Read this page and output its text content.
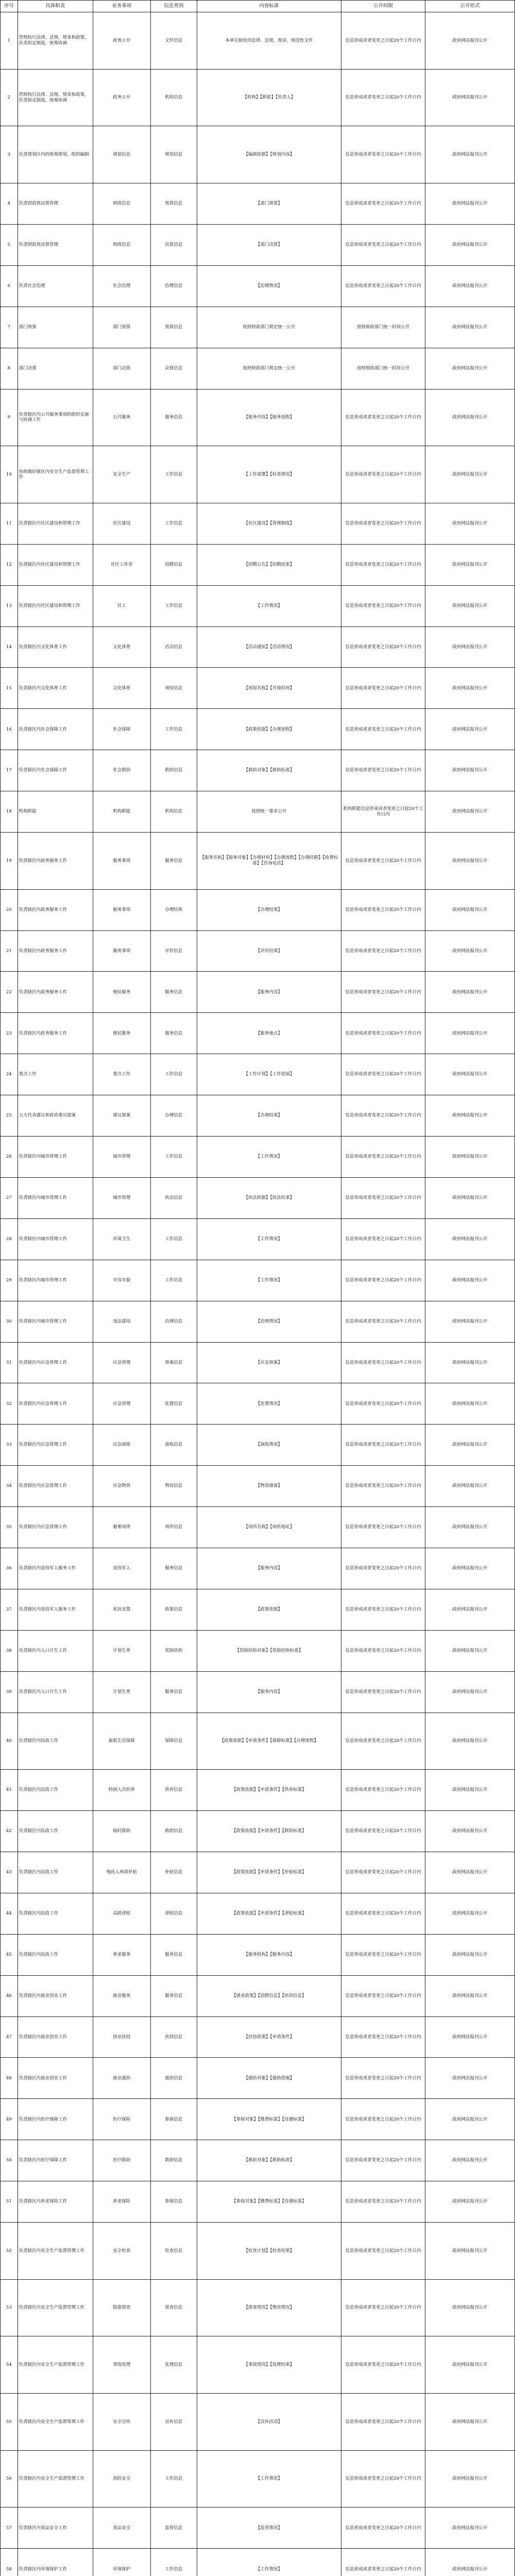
序号	具体职责	业务事项	信息类别	内容标准	公开时限	公开形式
1	贯彻执行法律、法规、规章和政策，负责拟定制度，统筹协调	政务公开	文件信息	本单位制发的法律、法规、规章、规范性文件	信息形成或者变更之日起20个工作日内	政府网站报刊公开
2	贯彻执行法律、法规、规章和政策，负责拟定制度，统筹协调	政务公开	机构信息	【机构】【职能】【负责人】	信息形成或者变更之日起20个工作日内	政府网站报刊公开
3	负责规划区内的统筹规划，组织编制	规划信息	规划信息	【编制依据】【规划内容】	信息形成或者变更之日起20个工作日内	政府网站报刊公开
4	负责财政预决算管理	财政信息	预算信息	【部门预算】	信息形成或者变更之日起20个工作日内	政府网站报刊公开
5	负责财政预决算管理	财政信息	决算信息	【部门决算】	信息形成或者变更之日起20个工作日内	政府网站报刊公开
6	负责社会治理	社会治理	治理信息	【治理情况】	信息形成或者变更之日起20个工作日内	政府网站报刊公开
7	部门预算	部门预算	预算信息	按照财政部门规定统一公开	按照财政部门统一时间公开	政府网站报刊公开
8	部门决算	部门决算	决算信息	按照财政部门规定统一公开	按照财政部门统一时间公开	政府网站报刊公开
9	负责辖区内公共服务事项的组织实施与协调工作	公共服务	服务信息	【服务内容】【服务流程】	信息形成或者变更之日起20个工作日内	政府网站报刊公开
10	协助做好辖区内安全生产监督管理工作	安全生产	工作信息	【工作部署】【检查情况】	信息形成或者变更之日起20个工作日内	政府网站报刊公开
11	负责辖区内社区建设和管理工作	社区建设	工作信息	【社区建设】【管理制度】	信息形成或者变更之日起20个工作日内	政府网站报刊公开
12	负责辖区内社区建设和管理工作	社区工作者	招聘信息	【招聘公告】【招聘结果】	信息形成或者变更之日起20个工作日内	政府网站报刊公开
13	负责辖区内社区建设和管理工作	社工	工作信息	【工作情况】	信息形成或者变更之日起20个工作日内	政府网站报刊公开
14	负责辖区内文化体育工作	文化体育	活动信息	【活动通知】【活动情况】	信息形成或者变更之日起20个工作日内	政府网站报刊公开
15	负责辖区内文化体育工作	文化体育	场馆信息	【场馆名称】【开放时间】	信息形成或者变更之日起20个工作日内	政府网站报刊公开
16	负责辖区内社会保障工作	社会保障	工作信息	【政策依据】【办理流程】	信息形成或者变更之日起20个工作日内	政府网站报刊公开
17	负责辖区内社会保障工作	社会救助	救助信息	【救助对象】【救助标准】	信息形成或者变更之日起20个工作日内	政府网站报刊公开
18	机构职能	机构职能	机构信息	按照统一要求公开	机构职能信息形成或者变更之日起20个工作日内	政府网站报刊公开
19	负责辖区内政务服务工作	服务事项	服务信息	【服务名称】【服务对象】【办理材料】【办理流程】【办理时限】【收费标准】【咨询电话】	信息形成或者变更之日起20个工作日内	政府网站报刊公开
20	负责辖区内政务服务工作	服务事项	办理结果	【办理结果】	信息形成或者变更之日起20个工作日内	政府网站报刊公开
21	负责辖区内政务服务工作	服务事项	评价信息	【评价结果】	信息形成或者变更之日起20个工作日内	政府网站报刊公开
22	负责辖区内政务服务工作	便民服务	服务信息	【服务内容】	信息形成或者变更之日起20个工作日内	政府网站报刊公开
23	负责辖区内政务服务工作	便民服务	服务信息	【服务地点】	信息形成或者变更之日起20个工作日内	政府网站报刊公开
24	重点工作	重点工作	工作信息	【工作计划】【工作进展】	信息形成或者变更之日起20个工作日内	政府网站报刊公开
25	人大代表建议和政协委员提案	建议提案	办理信息	【办理结果】	信息形成或者变更之日起20个工作日内	政府网站报刊公开
26	负责辖区内城市管理工作	城市管理	工作信息	【工作情况】	信息形成或者变更之日起20个工作日内	政府网站报刊公开
27	负责辖区内城市管理工作	城市管理	执法信息	【执法依据】【执法结果】	信息形成或者变更之日起20个工作日内	政府网站报刊公开
28	负责辖区内城市管理工作	环境卫生	工作信息	【工作情况】	信息形成或者变更之日起20个工作日内	政府网站报刊公开
29	负责辖区内城市管理工作	市容市貌	工作信息	【工作情况】	信息形成或者变更之日起20个工作日内	政府网站报刊公开
30	负责辖区内城市管理工作	违法建设	治理信息	【治理情况】	信息形成或者变更之日起20个工作日内	政府网站报刊公开
31	负责辖区内应急管理工作	应急管理	预案信息	【应急预案】	信息形成或者变更之日起20个工作日内	政府网站报刊公开
32	负责辖区内应急管理工作	应急管理	处置信息	【处置情况】	信息形成或者变更之日起20个工作日内	政府网站报刊公开
33	负责辖区内应急管理工作	应急演练	演练信息	【演练情况】	信息形成或者变更之日起20个工作日内	政府网站报刊公开
34	负责辖区内应急管理工作	应急物资	物资信息	【物资储备】	信息形成或者变更之日起20个工作日内	政府网站报刊公开
35	负责辖区内应急管理工作	避难场所	场所信息	【场所名称】【场所地址】	信息形成或者变更之日起20个工作日内	政府网站报刊公开
36	负责辖区内退役军人服务工作	退役军人	服务信息	【服务内容】	信息形成或者变更之日起20个工作日内	政府网站报刊公开
37	负责辖区内退役军人服务工作	优抚安置	政策信息	【政策依据】	信息形成或者变更之日起20个工作日内	政府网站报刊公开
38	负责辖区内人口计生工作	计划生育	奖励扶助	【奖励扶助对象】【奖励扶助标准】	信息形成或者变更之日起20个工作日内	政府网站报刊公开
39	负责辖区内人口计生工作	计划生育	服务信息	【服务内容】	信息形成或者变更之日起20个工作日内	政府网站报刊公开
40	负责辖区内民政工作	最低生活保障	保障信息	【政策依据】【申请条件】【保障标准】【办理流程】	信息形成或者变更之日起20个工作日内	政府网站报刊公开
41	负责辖区内民政工作	特困人员供养	供养信息	【政策依据】【申请条件】【供养标准】	信息形成或者变更之日起20个工作日内	政府网站报刊公开
42	负责辖区内民政工作	临时救助	救助信息	【政策依据】【申请条件】【救助标准】	信息形成或者变更之日起20个工作日内	政府网站报刊公开
43	负责辖区内民政工作	残疾人两项补贴	补贴信息	【政策依据】【申请条件】【补贴标准】	信息形成或者变更之日起20个工作日内	政府网站报刊公开
44	负责辖区内民政工作	高龄津贴	津贴信息	【政策依据】【申请条件】【津贴标准】	信息形成或者变更之日起20个工作日内	政府网站报刊公开
45	负责辖区内民政工作	养老服务	服务信息	【服务机构】【服务内容】	信息形成或者变更之日起20个工作日内	政府网站报刊公开
46	负责辖区内就业创业工作	就业服务	服务信息	【就业政策】【招聘信息】【培训信息】	信息形成或者变更之日起20个工作日内	政府网站报刊公开
47	负责辖区内就业创业工作	创业扶持	扶持信息	【扶持政策】【申请条件】	信息形成或者变更之日起20个工作日内	政府网站报刊公开
48	负责辖区内就业创业工作	就业援助	援助信息	【援助对象】【援助措施】	信息形成或者变更之日起20个工作日内	政府网站报刊公开
49	负责辖区内医疗保障工作	医疗保险	参保信息	【参保对象】【缴费标准】【待遇标准】	信息形成或者变更之日起20个工作日内	政府网站报刊公开
50	负责辖区内医疗保障工作	医疗救助	救助信息	【救助对象】【救助标准】	信息形成或者变更之日起20个工作日内	政府网站报刊公开
51	负责辖区内养老保险工作	养老保险	参保信息	【参保对象】【缴费标准】【待遇标准】	信息形成或者变更之日起20个工作日内	政府网站报刊公开
52	负责辖区内安全生产监督管理工作	安全检查	检查信息	【检查计划】【检查结果】	信息形成或者变更之日起20个工作日内	政府网站报刊公开
53	负责辖区内安全生产监督管理工作	隐患排查	排查信息	【排查情况】【整改情况】	信息形成或者变更之日起20个工作日内	政府网站报刊公开
54	负责辖区内安全生产监督管理工作	事故处理	处理信息	【事故情况】【处理结果】	信息形成或者变更之日起20个工作日内	政府网站报刊公开
55	负责辖区内安全生产监督管理工作	安全宣传	宣传信息	【宣传活动】	信息形成或者变更之日起20个工作日内	政府网站报刊公开
56	负责辖区内安全生产监督管理工作	消防安全	工作信息	【工作情况】	信息形成或者变更之日起20个工作日内	政府网站报刊公开
57	负责辖区内食品安全工作	食品安全	监管信息	【监管情况】	信息形成或者变更之日起20个工作日内	政府网站报刊公开
58	负责辖区内环境保护工作	环境保护	工作信息	【工作情况】	信息形成或者变更之日起20个工作日内	政府网站报刊公开
